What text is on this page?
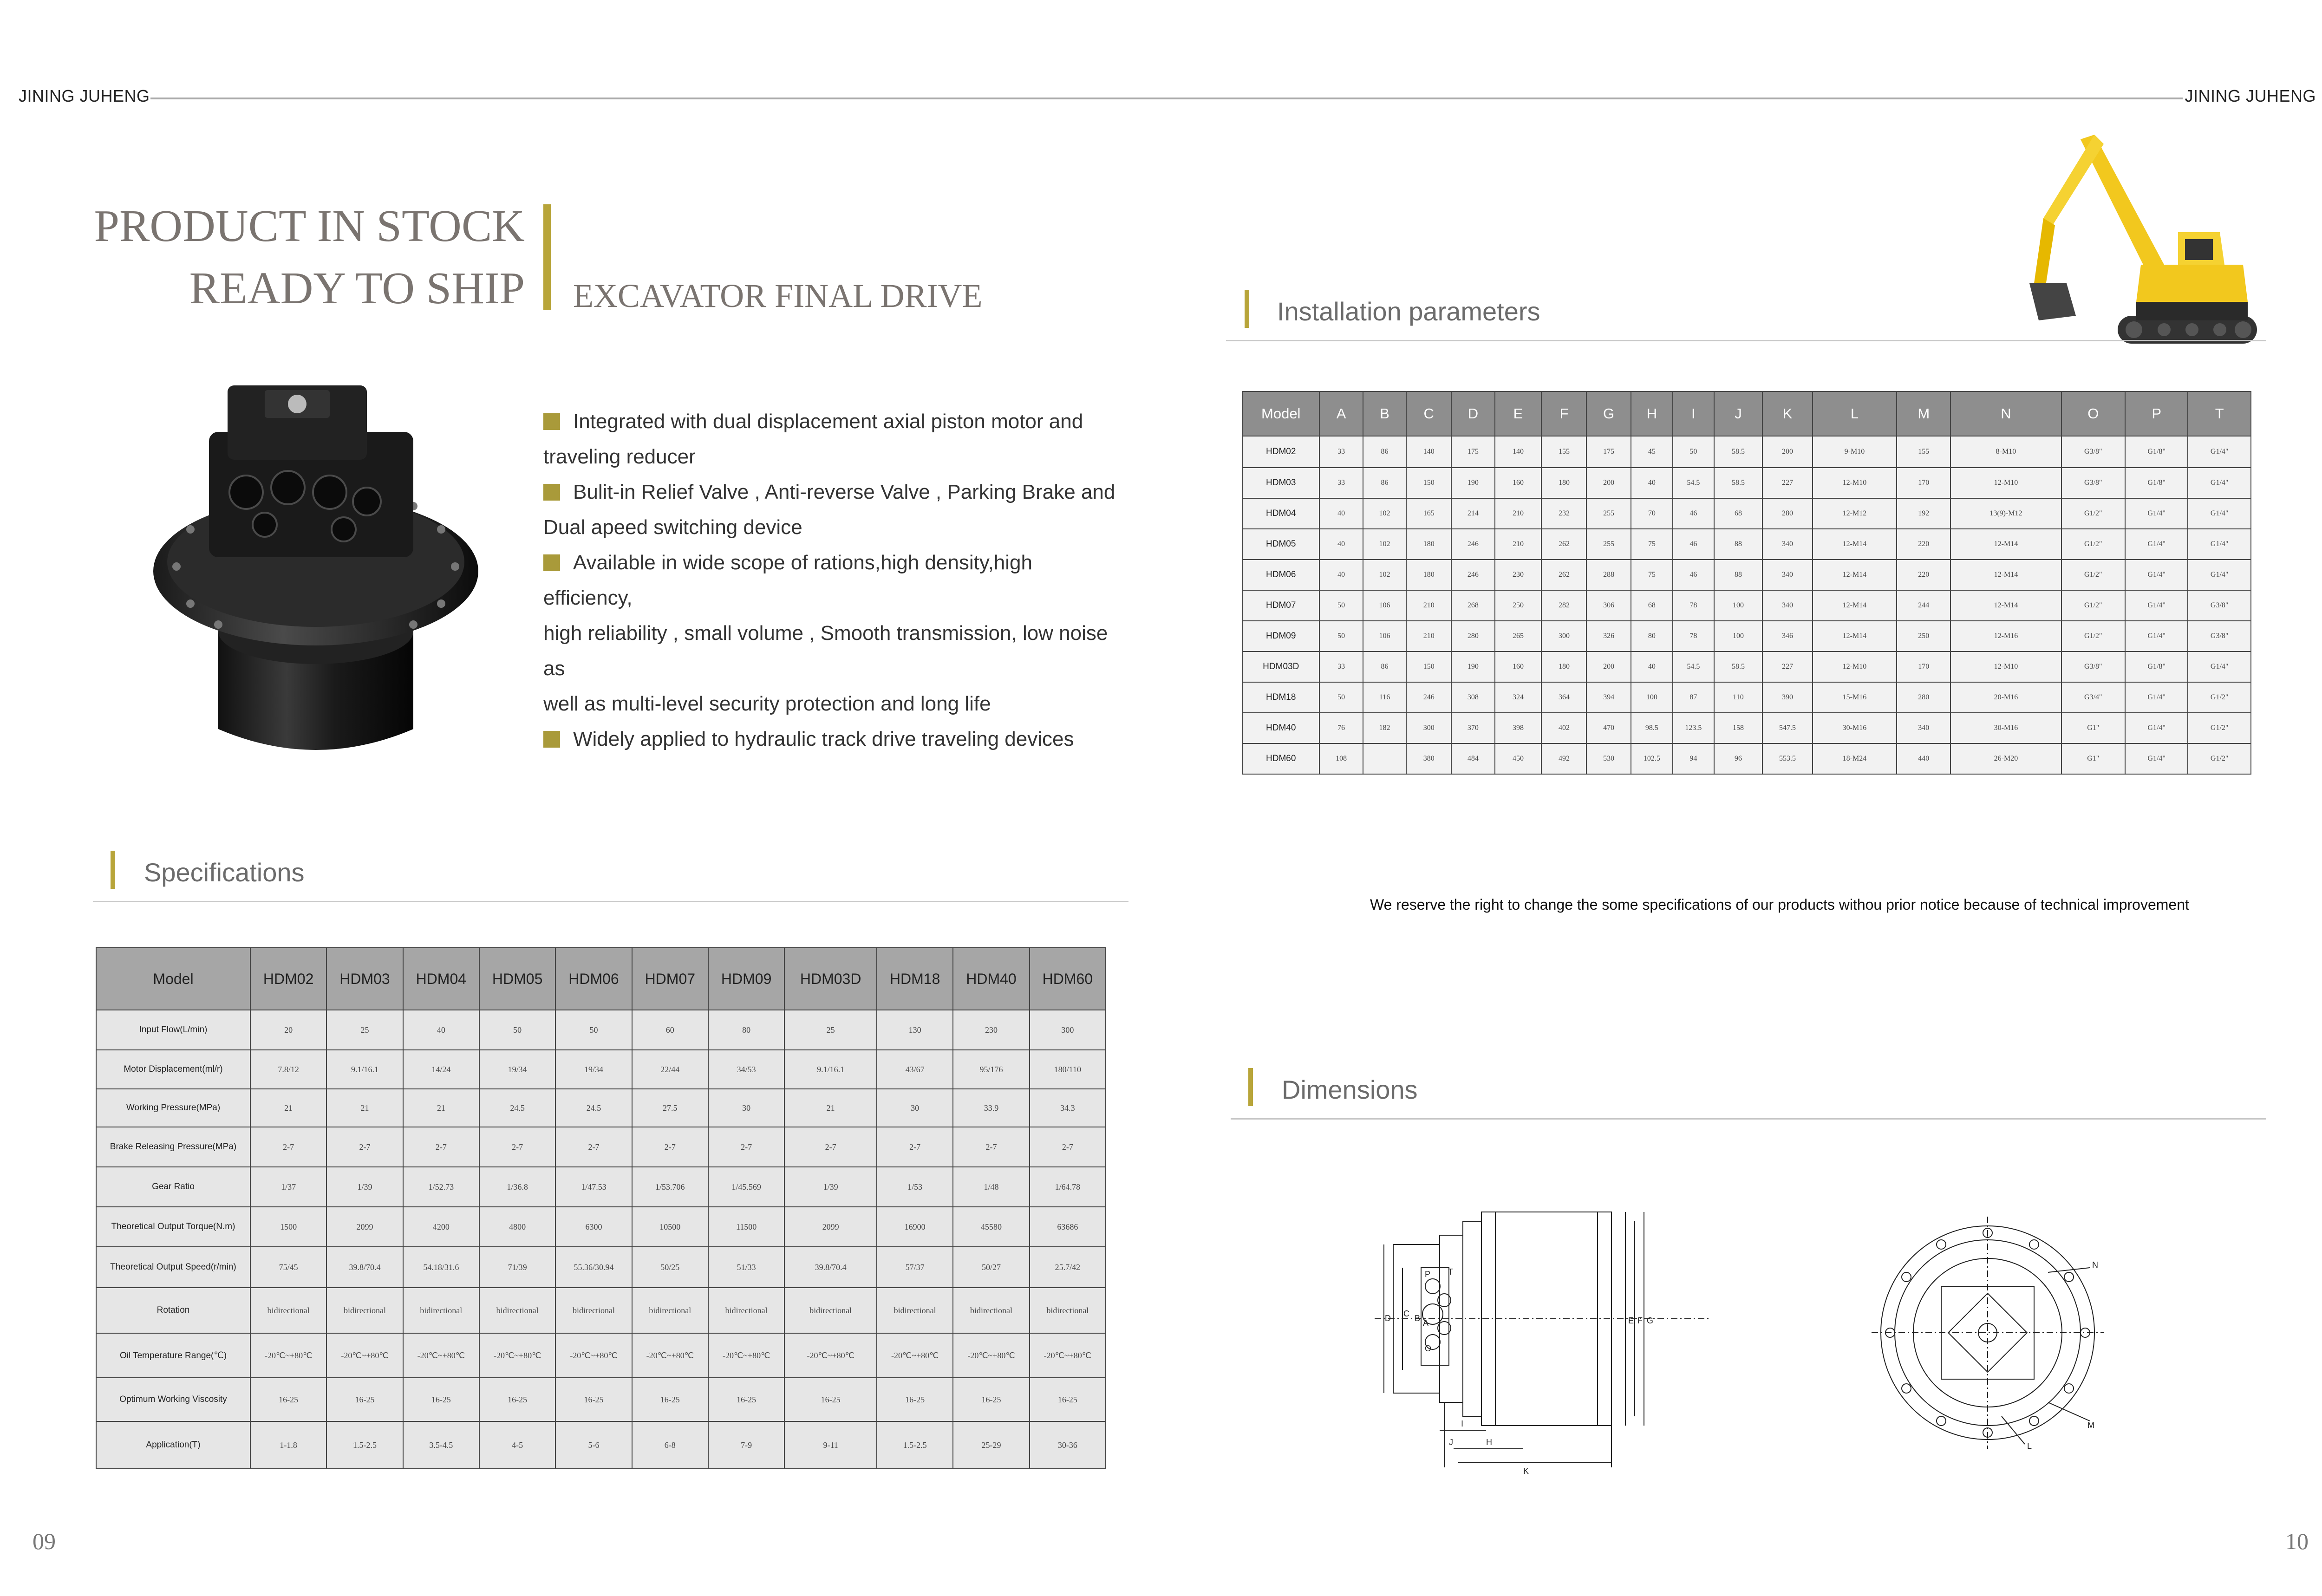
JINING JUHENG	JINING JUHENG
PRODUCT IN STOCK
READY TO SHIP EXCAVATOR FINAL DRIVE
Integrated with dual displacement axial piston motor and
traveling reducer
Bulit-in Relief Valve , Anti-reverse Valve , Parking Brake and
Dual apeed switching device
Available in wide scope of rations,high density,high efficiency,
high reliability , small volume , Smooth transmission, low noise as
well as multi-level security protection and long life
Widely applied to hydraulic track drive traveling devices
Specifications
Model	HDM02	HDM03	HDM04	HDM05	HDM06	HDM07	HDM09	HDM03D	HDM18	HDM40	HDM60
Input Flow(L/min)	20	25	40	50	50	60	80	25	130	230	300
Motor Displacement(ml/r)	7.8/12	9.1/16.1	14/24	19/34	19/34	22/44	34/53	9.1/16.1	43/67	95/176	180/110
Working Pressure(MPa)	21	21	21	24.5	24.5	27.5	30	21	30	33.9	34.3
Brake Releasing Pressure(MPa)	2-7	2-7	2-7	2-7	2-7	2-7	2-7	2-7	2-7	2-7	2-7
Gear Ratio	1/37	1/39	1/52.73	1/36.8	1/47.53	1/53.706	1/45.569	1/39	1/53	1/48	1/64.78
Theoretical Output Torque(N.m)	1500	2099	4200	4800	6300	10500	11500	2099	16900	45580	63686
Theoretical Output Speed(r/min)	75/45	39.8/70.4	54.18/31.6	71/39	55.36/30.94	50/25	51/33	39.8/70.4	57/37	50/27	25.7/42
Rotation	bidirectional	bidirectional	bidirectional	bidirectional	bidirectional	bidirectional	bidirectional	bidirectional	bidirectional	bidirectional	bidirectional
Oil Temperature Range(℃)	-20℃~+80℃	-20℃~+80℃	-20℃~+80℃	-20℃~+80℃	-20℃~+80℃	-20℃~+80℃	-20℃~+80℃	-20℃~+80℃	-20℃~+80℃	-20℃~+80℃	-20℃~+80℃
Optimum Working Viscosity	16-25	16-25	16-25	16-25	16-25	16-25	16-25	16-25	16-25	16-25	16-25
Application(T)	1-1.8	1.5-2.5	3.5-4.5	4-5	5-6	6-8	7-9	9-11	1.5-2.5	25-29	30-36
Installation parameters
Model	A	B	C	D	E	F	G	H	I	J	K	L	M	N	O	P	T
HDM02	33	86	140	175	140	155	175	45	50	58.5	200	9-M10	155	8-M10	G3/8"	G1/8"	G1/4"
HDM03	33	86	150	190	160	180	200	40	54.5	58.5	227	12-M10	170	12-M10	G3/8"	G1/8"	G1/4"
HDM04	40	102	165	214	210	232	255	70	46	68	280	12-M12	192	13(9)-M12	G1/2"	G1/4"	G1/4"
HDM05	40	102	180	246	210	262	255	75	46	88	340	12-M14	220	12-M14	G1/2"	G1/4"	G1/4"
HDM06	40	102	180	246	230	262	288	75	46	88	340	12-M14	220	12-M14	G1/2"	G1/4"	G1/4"
HDM07	50	106	210	268	250	282	306	68	78	100	340	12-M14	244	12-M14	G1/2"	G1/4"	G3/8"
HDM09	50	106	210	280	265	300	326	80	78	100	346	12-M14	250	12-M16	G1/2"	G1/4"	G3/8"
HDM03D	33	86	150	190	160	180	200	40	54.5	58.5	227	12-M10	170	12-M10	G3/8"	G1/8"	G1/4"
HDM18	50	116	246	308	324	364	394	100	87	110	390	15-M16	280	20-M16	G3/4"	G1/4"	G1/2"
HDM40	76	182	300	370	398	402	470	98.5	123.5	158	547.5	30-M16	340	30-M16	G1"	G1/4"	G1/2"
HDM60	108		380	484	450	492	530	102.5	94	96	553.5	18-M24	440	26-M20	G1"	G1/4"	G1/2"
We reserve the right to change the some specifications of our products withou prior notice because of technical improvement
Dimensions
D C B A
P T
O
E F G
I
J	H
K
N
M
L
09	10
